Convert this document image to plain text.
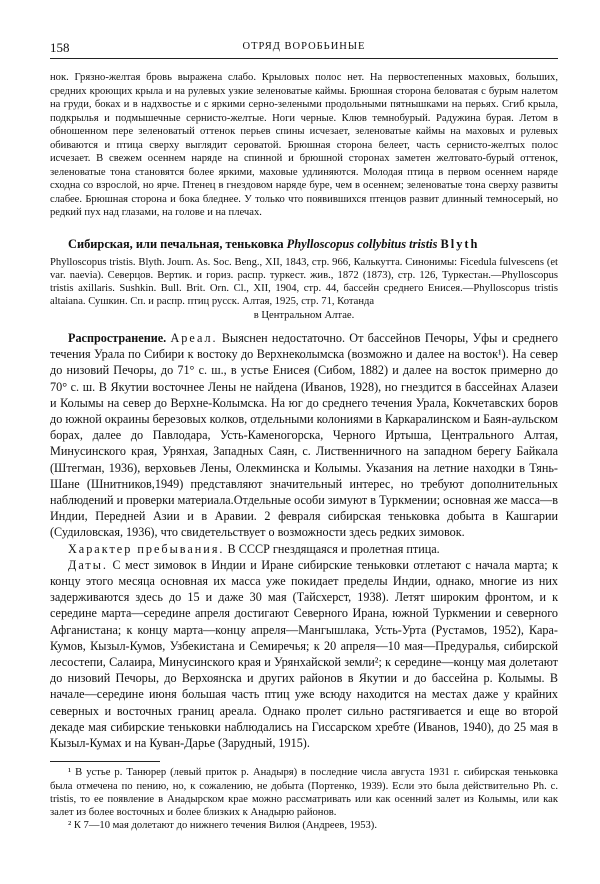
158	ОТРЯД ВОРОБЬИНЫЕ

нок. Грязно-желтая бровь выражена слабо. Крыловых полос нет. На первостепенных маховых, больших, средних кроющих крыла и на рулевых узкие зеленоватые каймы. Брюшная сторона беловатая с бурым налетом на груди, боках и в надхвостье и с яркими серно-зелеными продольными пятнышками на перьях. Сгиб крыла, подкрылья и подмышечные сернисто-желтые. Ноги черные. Клюв темнобурый. Радужина бурая. Летом в обношенном пере зеленоватый оттенок перьев спины исчезает, зеленоватые каймы на маховых и рулевых обиваются и птица сверху выглядит сероватой. Брюшная сторона белеет, часть сернисто-желтых полос исчезает. В свежем осеннем наряде на спинной и брюшной сторонах заметен желтовато-бурый оттенок, зеленоватые тона становятся более яркими, маховые удлиняются. Молодая птица в первом осеннем наряде сходна со взрослой, но ярче. Птенец в гнездовом наряде буре, чем в осеннем; зеленоватые тона сверху развиты слабее. Брюшная сторона и бока бледнее. У только что появившихся птенцов развит длинный темносерый, но редкий пух над глазами, на голове и на плечах.

Сибирская, или печальная, теньковка Phylloscopus collybitus tristis Blyth

Phylloscopus tristis. Blyth. Journ. As. Soc. Beng., XII, 1843, стр. 966, Калькутта. Синонимы: Ficedula fulvescens (et var. naevia). Северцов. Вертик. и гориз. распр. туркест. жив., 1872 (1873), стр. 126, Туркестан.—Phylloscopus tristis axillaris. Sushkin. Bull. Brit. Orn. Cl., XII, 1904, стр. 44, бассейн среднего Енисея.—Phylloscopus tristis altaiana. Сушкин. Сп. и распр. птиц русск. Алтая, 1925, стр. 71, Котанда

в Центральном Алтае.

Распространение. Ареал. Выяснен недостаточно. От бассейнов Печоры, Уфы и среднего течения Урала по Сибири к востоку до Верхнеколымска (возможно и далее на восток¹). На север до низовий Печоры, до 71° с. ш., в устье Енисея (Сибом, 1882) и далее на восток примерно до 70° с. ш. В Якутии восточнее Лены не найдена (Иванов, 1928), но гнездится в бассейнах Алазеи и Колымы на север до Верхне-Колымска. На юг до среднего течения Урала, Кокчетавских боров до южной окраины березовых колков, отдельными колониями в Каркаралинском и Баян-аульском борах, далее до Павлодара, Усть-Каменогорска, Черного Иртыша, Центрального Алтая, Минусинского края, Урянхая, Западных Саян, с. Лиственничного на западном берегу Байкала (Штегман, 1936), верховьев Лены, Олекминска и Колымы. Указания на летние находки в Тянь-Шане (Шнитников,1949) представляют значительный интерес, но требуют дополнительных наблюдений и проверки материала.Отдельные особи зимуют в Туркмении; основная же масса—в Индии, Передней Азии и в Аравии. 2 февраля сибирская теньковка добыта в Кашгарии (Судиловская, 1936), что свидетельствует о возможности здесь редких зимовок.

Характер пребывания. В СССР гнездящаяся и пролетная птица.

Даты. С мест зимовок в Индии и Иране сибирские теньковки отлетают с начала марта; к концу этого месяца основная их масса уже покидает пределы Индии, однако, многие из них задерживаются здесь до 15 и даже 30 мая (Тайсхерст, 1938). Летят широким фронтом, и к середине марта—середине апреля достигают Северного Ирана, южной Туркмении и северного Афганистана; к концу марта—концу апреля—Мангышлака, Усть-Урта (Рустамов, 1952), Кара-Кумов, Кызыл-Кумов, Узбекистана и Семиречья; к 20 апреля—10 мая—Предуралья, сибирской лесостепи, Салаира, Минусинского края и Урянхайской земли²; к середине—концу мая долетают до низовий Печоры, до Верхоянска и других районов в Якутии и до бассейна р. Колымы. В начале—середине июня большая часть птиц уже всюду находится на местах даже у крайних северных и восточных границ ареала. Однако пролет сильно растягивается и еще во второй декаде мая сибирские теньковки наблюдались на Гиссарском хребте (Иванов, 1940), до 25 мая в Кызыл-Кумах и на Куван-Дарье (Зарудный, 1915).

¹ В устье р. Танюрер (левый приток р. Анадыря) в последние числа августа 1931 г. сибирская теньковка была отмечена по пению, но, к сожалению, не добыта (Портенко, 1939). Если это была действительно Ph. c. tristis, то ее появление в Анадырском крае можно рассматривать или как осенний залет из Колымы, или как залет из более восточных и более близких к Анадырю районов.

² К 7—10 мая долетают до нижнего течения Вилюя (Андреев, 1953).
